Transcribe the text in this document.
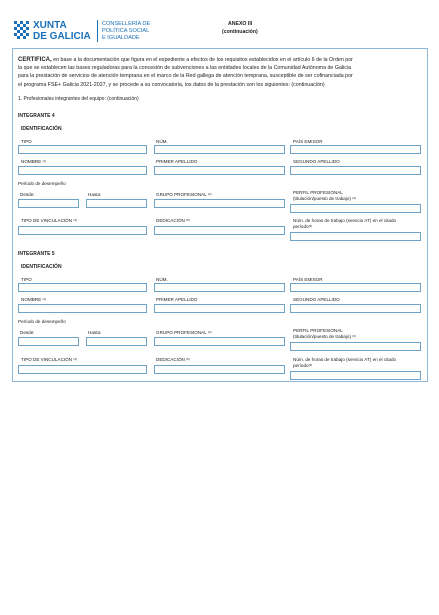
XUNTA
DE GALICIA
CONSELLERÍA DE
POLÍTICA SOCIAL
E IGUALDADE
ANEXO III
(continuación)

CERTIFICA, en base a la documentación que figura en el expediente a efectos de los requisitos establecidos en el artículo 6 de la Orden por

la que se establecen las bases reguladoras para la concesión de subvenciones a las entidades locales de la Comunidad Autónoma de Galicia

para la prestación de servicios de atención temprana en el marco de la Red gallega de atención temprana, susceptible de ser cofinanciada por

el programa FSE+ Galicia 2021-2027, y se procede a su convocatoria, los datos de la prestación son los siguientes: (continuación)

1. Profesionales integrantes del equipo: (continuación)
INTEGRANTE 4
IDENTIFICACIÓN
TIPO	NÚM.	PAÍS EMISOR
NOMBRE $^{(1)}$	PRIMER APELLIDO	SEGUNDO APELLIDO
Período de desempeño
Desde:	Hasta:	GRUPO PROFESIONAL $^{(2)}$	PERFIL PROFESIONAL
(titulación/puesto de trabajo) $^{(3)}$
TIPO DE VINCULACIÓN $^{(4)}$	DEDICACIÓN $^{(5)}$	Núm. de horas de trabajo (servicio AT) en el citado
período$^{(6)}$
INTEGRANTE 5
IDENTIFICACIÓN
TIPO	NÚM.	PAÍS EMISOR
NOMBRE $^{(1)}$	PRIMER APELLIDO	SEGUNDO APELLIDO
Período de desempeño
Desde:	Hasta:	GRUPO PROFESIONAL $^{(2)}$	PERFIL PROFESIONAL
(titulación/puesto de trabajo) $^{(3)}$
TIPO DE VINCULACIÓN $^{(4)}$	DEDICACIÓN $^{(5)}$	Núm. de horas de trabajo (servicio AT) en el citado
período$^{(6)}$
